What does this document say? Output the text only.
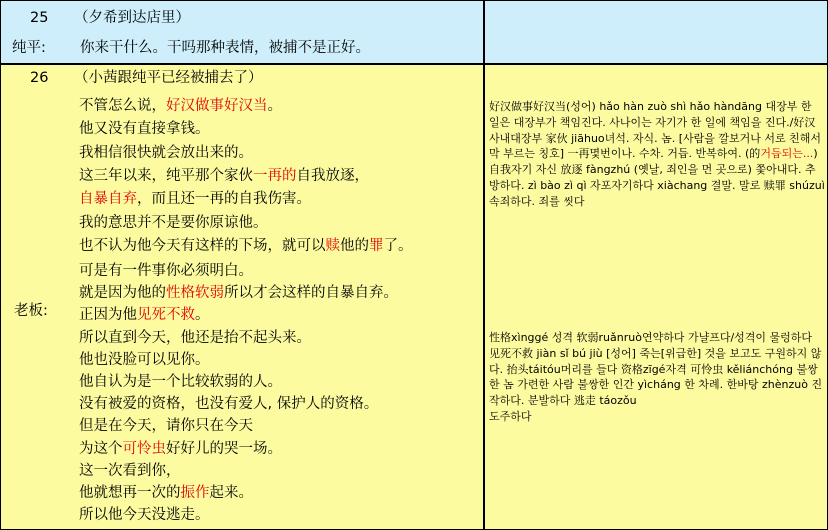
25 （夕希到达店里）
纯平: 你来干什么。干吗那种表情，被捕不是正好。
26 （小茜跟纯平已经被捕去了）
老板:
不管怎么说，好汉做事好汉当。
他又没有直接拿钱。
我相信很快就会放出来的。
这三年以来，纯平那个家伙一再的自我放逐，
自暴自弃，而且还一再的自我伤害。
我的意思并不是要你原谅他。
也不认为他今天有这样的下场，就可以赎他的罪了。
可是有一件事你必须明白。
就是因为他的性格软弱所以才会这样的自暴自弃。
正因为他见死不救。
所以直到今天，他还是抬不起头来。
他也没脸可以见你。
他自认为是一个比较软弱的人。
没有被爱的资格，也没有爱人, 保护人的资格。
但是在今天，请你只在今天
为这个可怜虫好好儿的哭一场。
这一次看到你，
他就想再一次的振作起来。
所以他今天没逃走。
好汉做事好汉当(성어) hǎo hàn zuò shì hǎo hàndāng 대장부 한 일은 대장부가 책임진다. 사나이는 자기가 한 일에 책임을 진다./好汉사내대장부 家伙 jiāhuo녀석. 자식. 놈. [사람을 깔보거나 서로 친해서 막 부르는 칭호] 一再몇번이나. 수차. 거듭. 반복하여. (的거듭되는...) 自我자기 자신 放逐 fàngzhú (옛날, 죄인을 먼 곳으로) 쫓아내다. 추방하다. zì bào zì qì 자포자기하다 xiàchang 결말. 말로 赎罪 shúzuì 속죄하다. 죄를 씻다
性格xìnggé 성격 软弱ruǎnruò연약하다 가냘프다/성격이 물렁하다 见死不救 jiàn sǐ bú jiù [성어] 죽는[위급한] 것을 보고도 구원하지 않다. 抬头táitóu머리를 들다 资格zīgé자격 可怜虫 kěliánchóng 불쌍한 놈 가련한 사람 불쌍한 인간 yìcháng 한 차례. 한바탕 zhènzuò 진작하다. 분발하다 逃走 táozǒu
도주하다
